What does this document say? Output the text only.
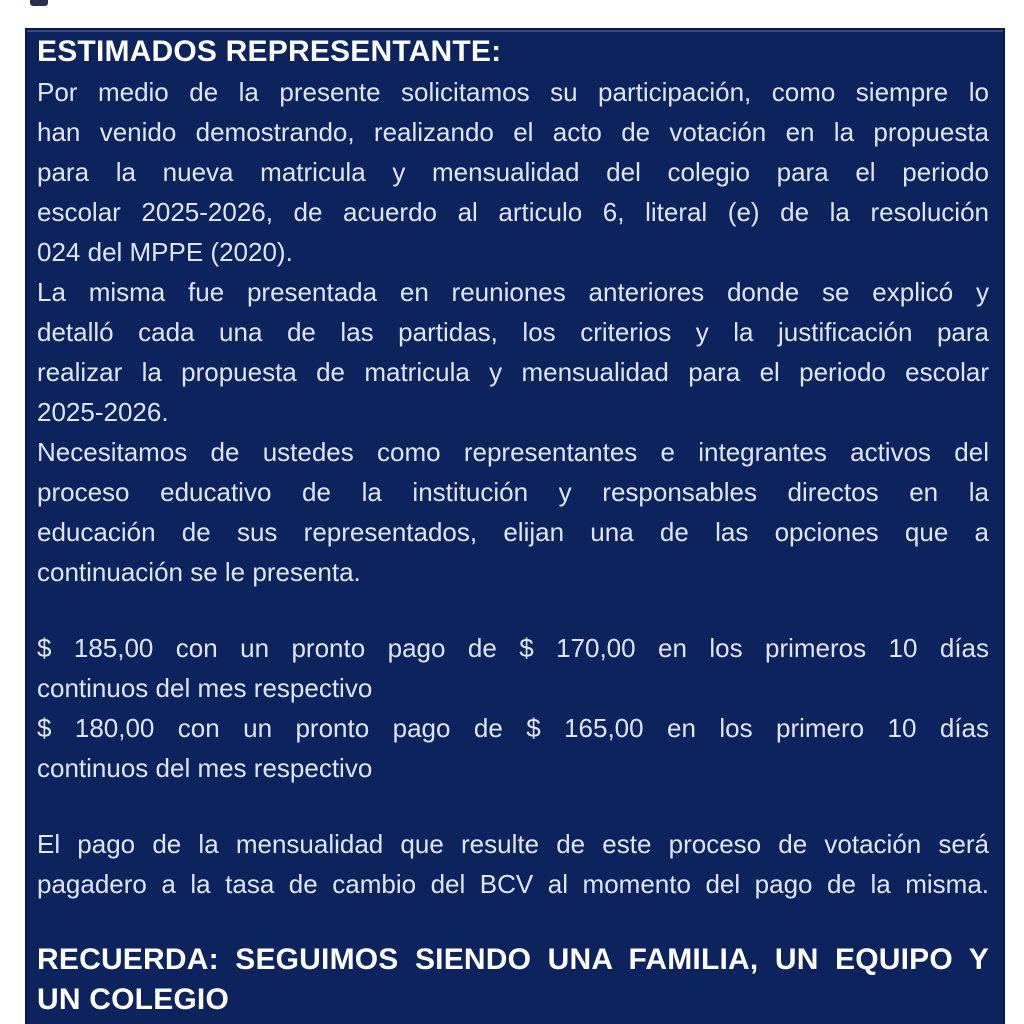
ESTIMADOS REPRESENTANTE:
Por medio de la presente solicitamos su participación, como siempre lo
han venido demostrando, realizando el acto de votación en la propuesta
para la nueva matricula y mensualidad del colegio para el periodo
escolar 2025-2026, de acuerdo al articulo 6, literal (e) de la resolución
024 del MPPE (2020).
La misma fue presentada en reuniones anteriores donde se explicó y
detalló cada una de las partidas, los criterios y la justificación para
realizar la propuesta de matricula y mensualidad para el periodo escolar
2025-2026.
Necesitamos de ustedes como representantes e integrantes activos del
proceso educativo de la institución y responsables directos en la
educación de sus representados, elijan una de las opciones que a
continuación se le presenta.
$ 185,00 con un pronto pago de $ 170,00 en los primeros 10 días
continuos del mes respectivo
$ 180,00 con un pronto pago de $ 165,00 en los primero 10 días
continuos del mes respectivo
El pago de la mensualidad que resulte de este proceso de votación será
pagadero a la tasa de cambio del BCV al momento del pago de la misma.
RECUERDA: SEGUIMOS SIENDO UNA FAMILIA, UN EQUIPO Y
UN COLEGIO
